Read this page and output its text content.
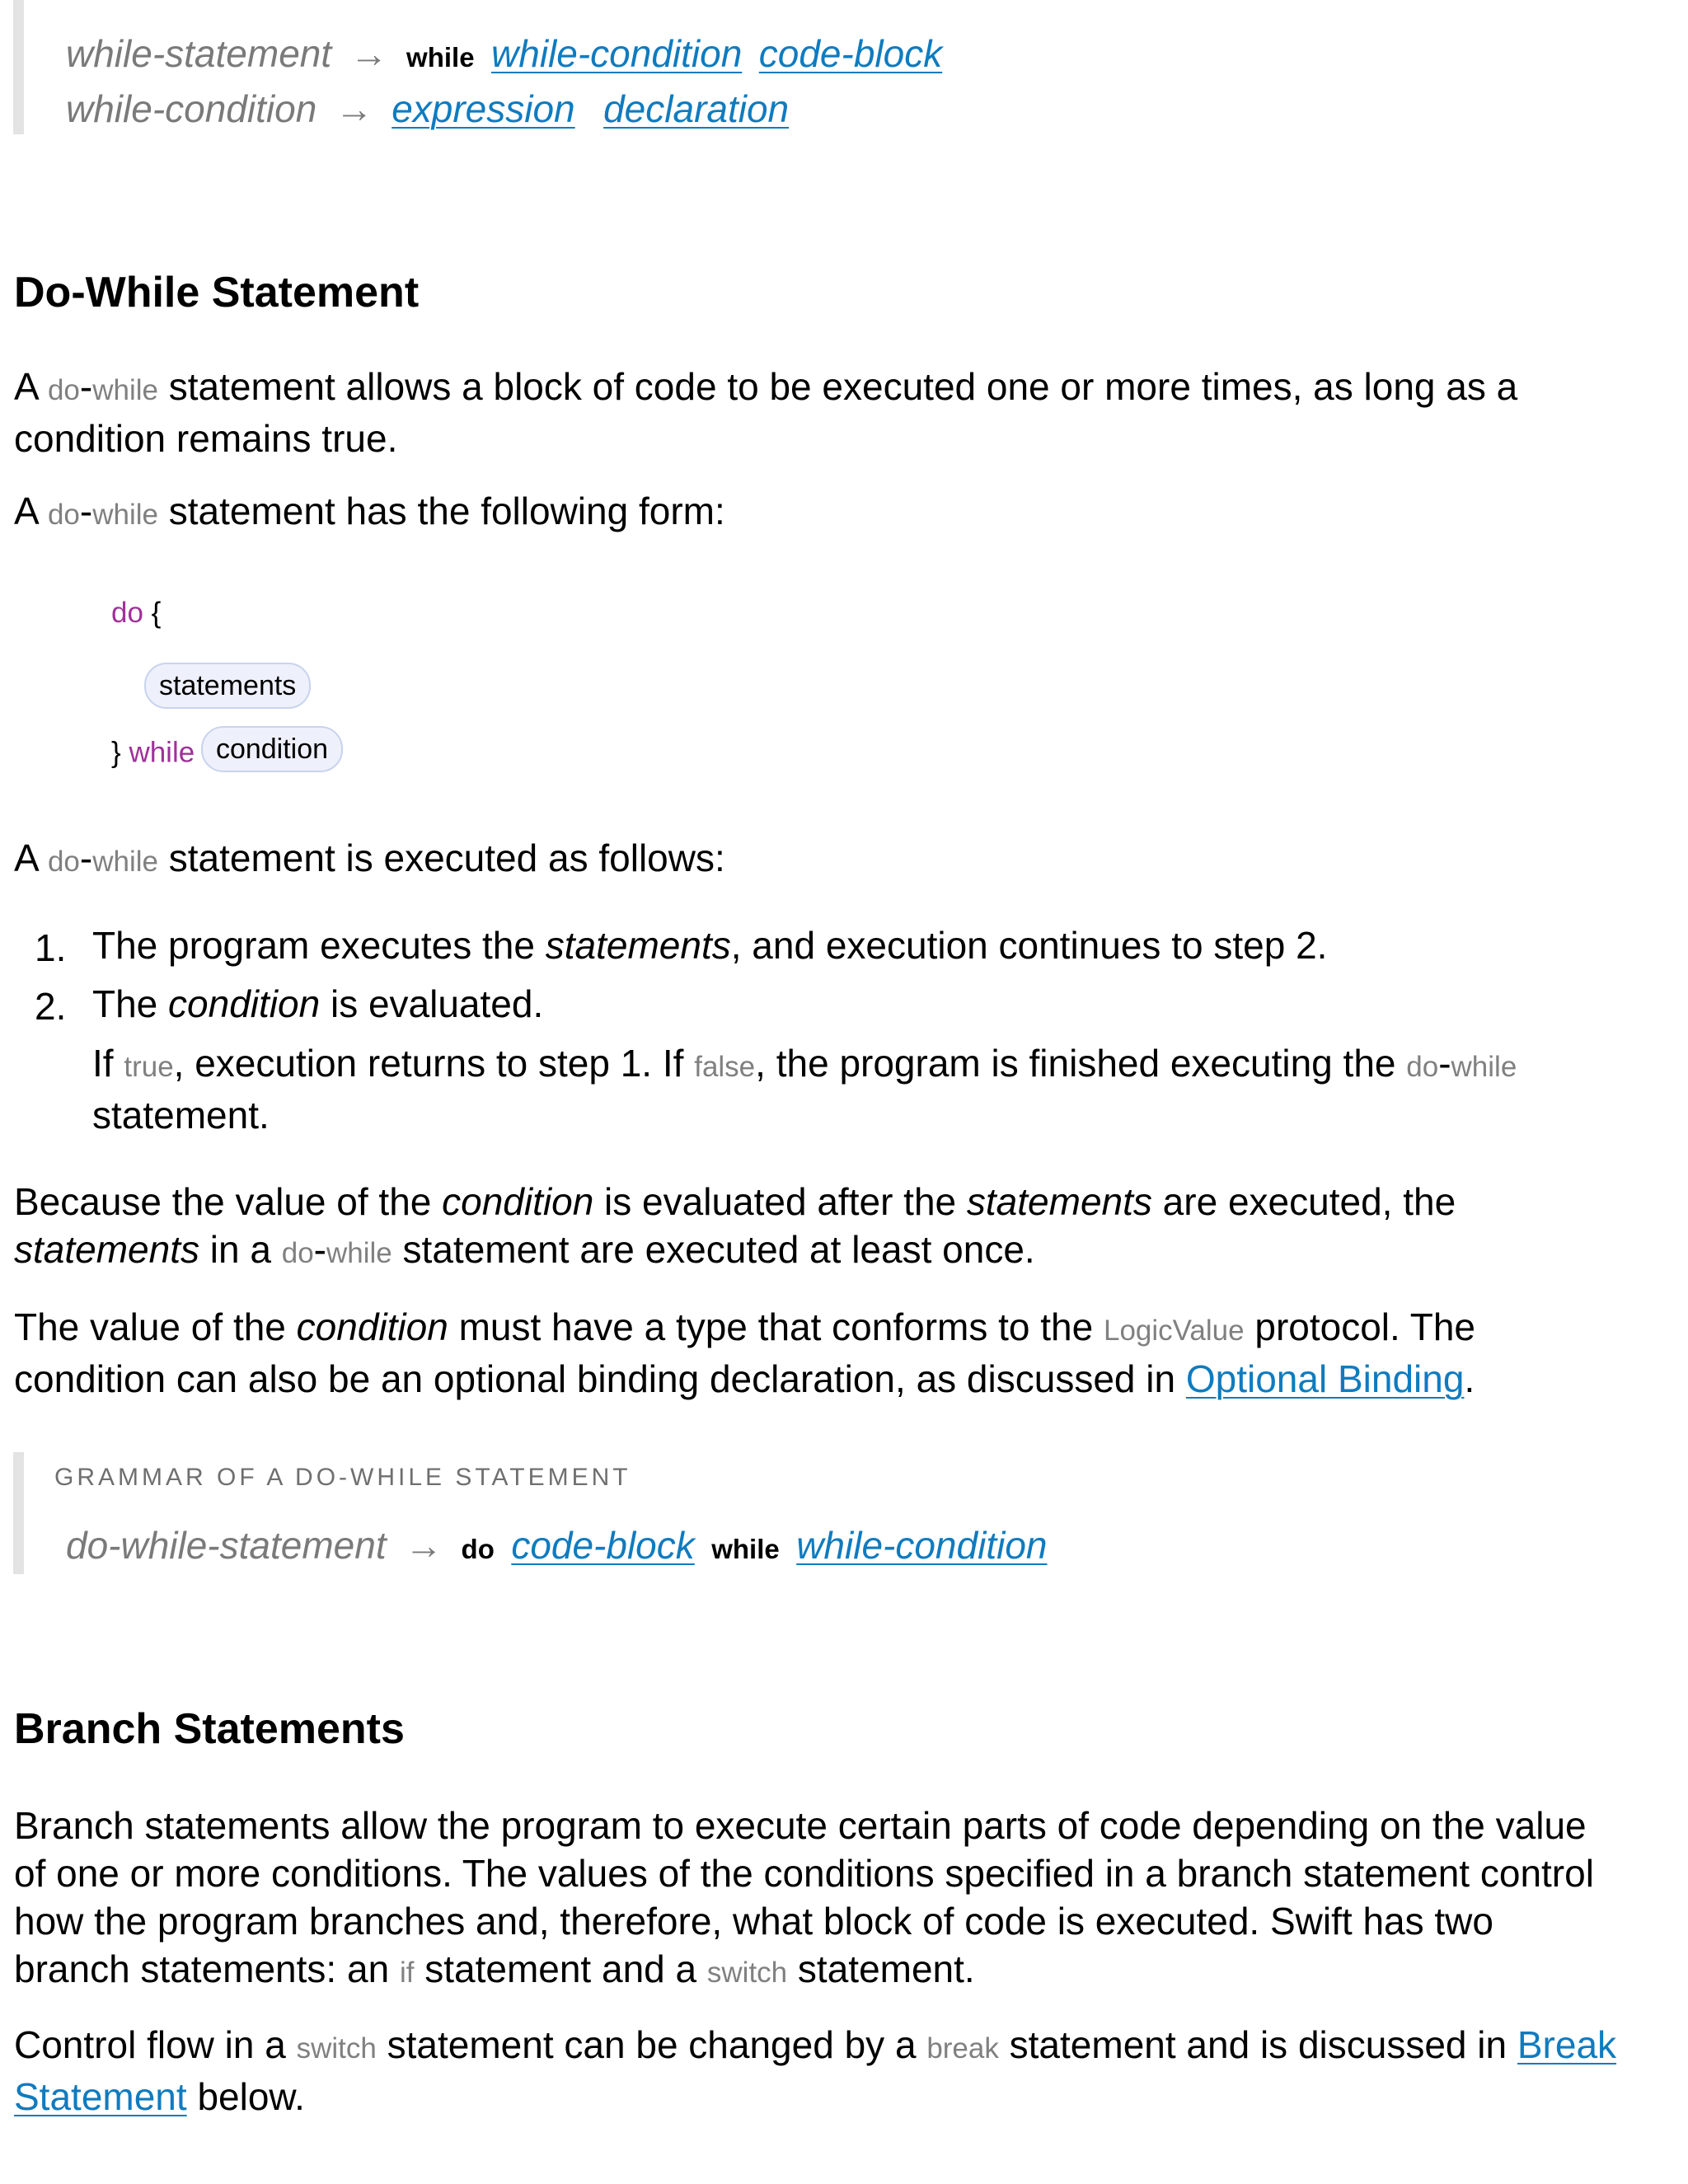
while-statement → while while-condition code-block
while-condition → expression declaration
Do-While Statement
A do-while statement allows a block of code to be executed one or more times, as long as a
condition remains true.
A do-while statement has the following form:
do {
statements
} while condition
A do-while statement is executed as follows:
1. The program executes the statements, and execution continues to step 2.
2. The condition is evaluated.
If true, execution returns to step 1. If false, the program is finished executing the do-while
statement.
Because the value of the condition is evaluated after the statements are executed, the
statements in a do-while statement are executed at least once.
The value of the condition must have a type that conforms to the LogicValue protocol. The
condition can also be an optional binding declaration, as discussed in Optional Binding.
GRAMMAR OF A DO-WHILE STATEMENT
do-while-statement → do code-block while while-condition
Branch Statements
Branch statements allow the program to execute certain parts of code depending on the value
of one or more conditions. The values of the conditions specified in a branch statement control
how the program branches and, therefore, what block of code is executed. Swift has two
branch statements: an if statement and a switch statement.
Control flow in a switch statement can be changed by a break statement and is discussed in Break
Statement below.
